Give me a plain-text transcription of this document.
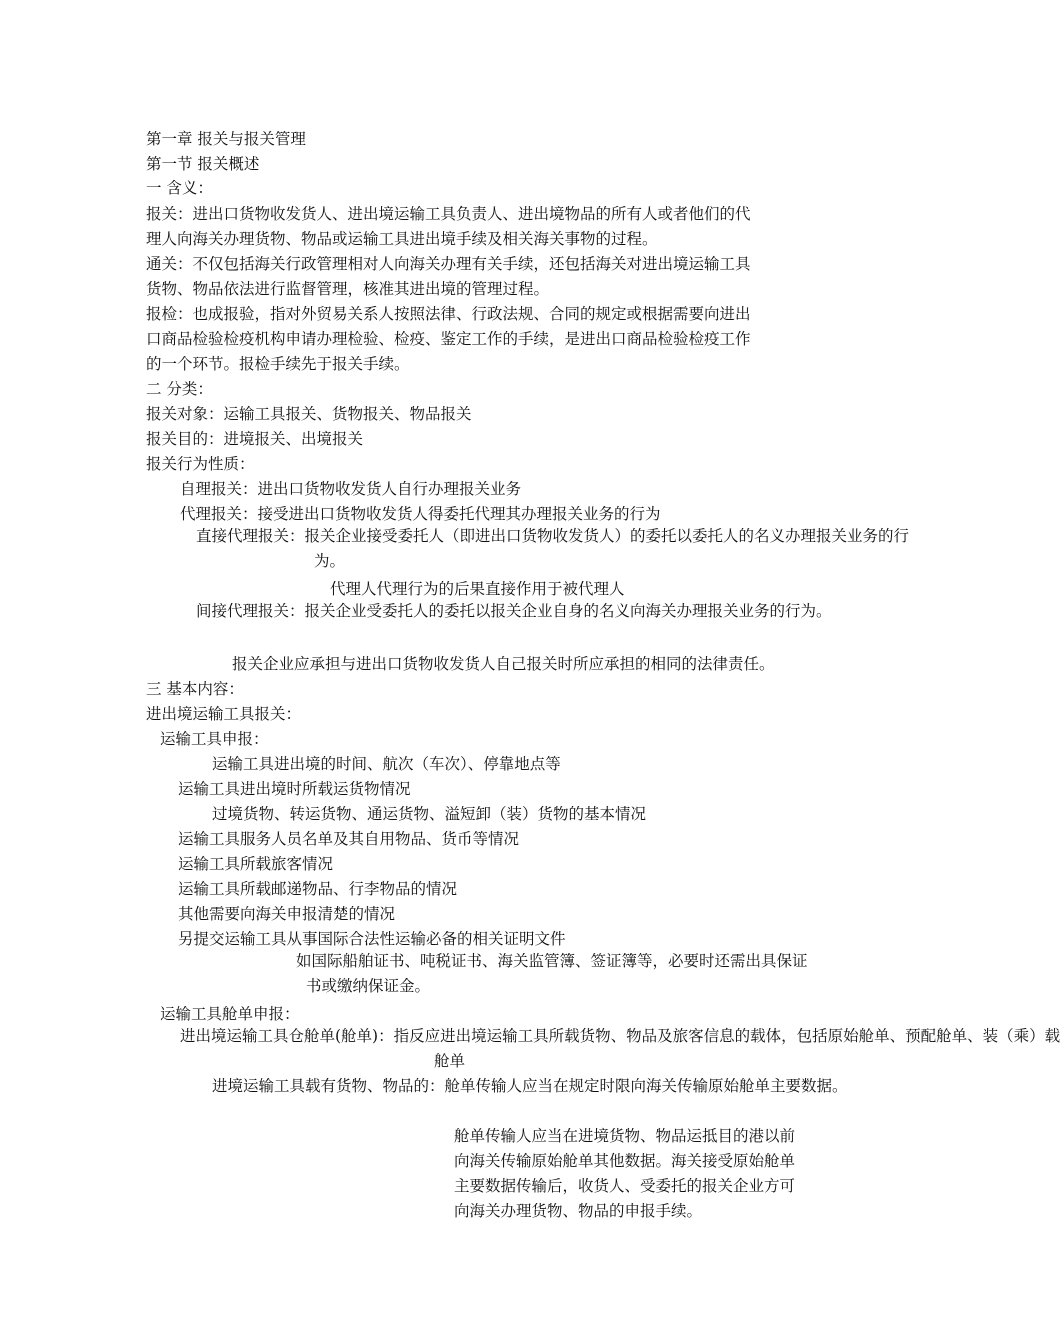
第一章 报关与报关管理
第一节 报关概述
一 含义：
报关：进出口货物收发货人、进出境运输工具负责人、进出境物品的所有人或者他们的代
理人向海关办理货物、物品或运输工具进出境手续及相关海关事物的过程。
通关：不仅包括海关行政管理相对人向海关办理有关手续，还包括海关对进出境运输工具
货物、物品依法进行监督管理，核准其进出境的管理过程。
报检：也成报验，指对外贸易关系人按照法律、行政法规、合同的规定或根据需要向进出
口商品检验检疫机构申请办理检验、检疫、鉴定工作的手续，是进出口商品检验检疫工作
的一个环节。报检手续先于报关手续。
二 分类：
报关对象：运输工具报关、货物报关、物品报关
报关目的：进境报关、出境报关
报关行为性质：
自理报关：进出口货物收发货人自行办理报关业务
代理报关：接受进出口货物收发货人得委托代理其办理报关业务的行为
直接代理报关：报关企业接受委托人（即进出口货物收发货人）的委托以委托人的名义办理报关业务的行为。
代理人代理行为的后果直接作用于被代理人
间接代理报关：报关企业受委托人的委托以报关企业自身的名义向海关办理报关业务的行为。
报关企业应承担与进出口货物收发货人自己报关时所应承担的相同的法律责任。
三 基本内容：
进出境运输工具报关：
运输工具申报：
运输工具进出境的时间、航次（车次）、停靠地点等
运输工具进出境时所载运货物情况
过境货物、转运货物、通运货物、溢短卸（装）货物的基本情况
运输工具服务人员名单及其自用物品、货币等情况
运输工具所载旅客情况
运输工具所载邮递物品、行李物品的情况
其他需要向海关申报清楚的情况
另提交运输工具从事国际合法性运输必备的相关证明文件
如国际船舶证书、吨税证书、海关监管簿、签证簿等，必要时还需出具保证书或缴纳保证金。
运输工具舱单申报：
进出境运输工具仓舱单(舱单)：指反应进出境运输工具所载货物、物品及旅客信息的载体，包括原始舱单、预配舱单、装（乘）载舱单
进境运输工具载有货物、物品的：舱单传输人应当在规定时限向海关传输原始舱单主要数据。
舱单传输人应当在进境货物、物品运抵目的港以前向海关传输原始舱单其他数据。海关接受原始舱单主要数据传输后，收货人、受委托的报关企业方可向海关办理货物、物品的申报手续。
